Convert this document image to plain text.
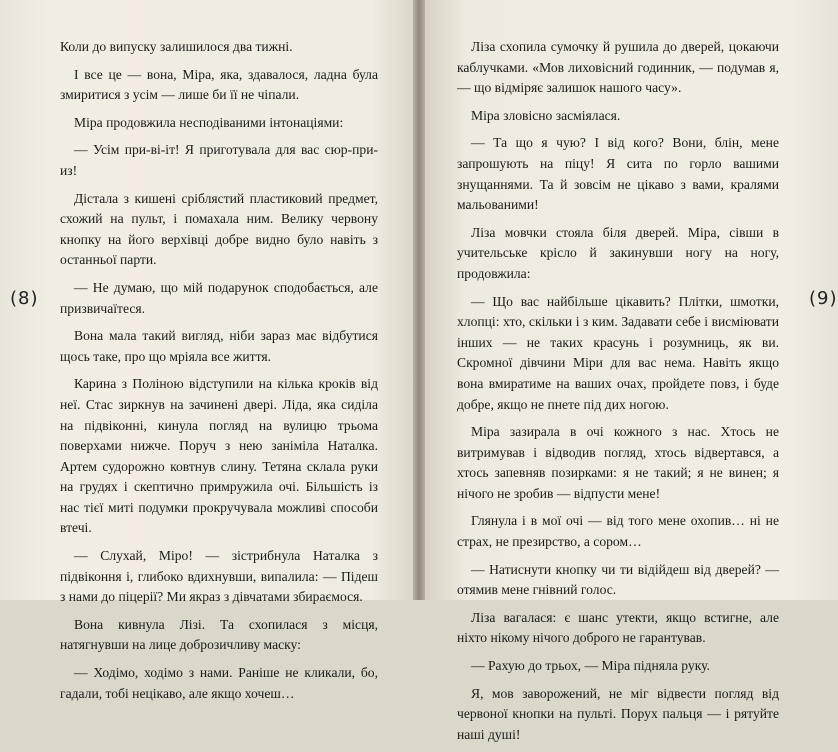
Коли до випуску залишилося два тижні.

І все це — вона, Міра, яка, здавалося, ладна була змиритися з усім — лише би її не чіпали.

Міра продовжила несподіваними інтонаціями:

— Усім при-ві-іт! Я приготувала для вас сюр-при-из!

Дістала з кишені сріблястий пластиковий предмет, схожий на пульт, і помахала ним. Велику червону кнопку на його верхівці добре видно було навіть з останньої парти.

— Не думаю, що мій подарунок сподобається, але призвичаїтеся.

Вона мала такий вигляд, ніби зараз має відбутися щось таке, про що мріяла все життя.

Карина з Поліною відступили на кілька кроків від неї. Стас зиркнув на зачинені двері. Ліда, яка сиділа на підвіконні, кинула погляд на вулицю трьома поверхами нижче. Поруч з нею заніміла Наталка. Артем судорожно ковтнув слину. Тетяна склала руки на грудях і скептично примружила очі. Більшість із нас тієї миті подумки прокручувала можливі способи втечі.

— Слухай, Міро! — зістрибнула Наталка з підвіконня і, глибоко вдихнувши, випалила: — Підеш з нами до піцерії? Ми якраз з дівчатами збираємося.

Вона кивнула Лізі. Та схопилася з місця, натягнувши на лице доброзичливу маску:

— Ходімо, ходімо з нами. Раніше не кликали, бо, гадали, тобі нецікаво, але якщо хочеш…

(8)

Ліза схопила сумочку й рушила до дверей, цокаючи каблучками. «Мов лиховісний годинник, — подумав я, — що відміряє залишок нашого часу».

Міра зловісно засміялася.

— Та що я чую? І від кого? Вони, блін, мене запрошують на піцу! Я сита по горло вашими знущаннями. Та й зовсім не цікаво з вами, кралями мальованими!

Ліза мовчки стояла біля дверей. Міра, сівши в учительське крісло й закинувши ногу на ногу, продовжила:

— Що вас найбільше цікавить? Плітки, шмотки, хлопці: хто, скільки і з ким. Задавати себе і висміювати інших — не таких красунь і розумниць, як ви. Скромної дівчини Міри для вас нема. Навіть якщо вона вмиратиме на ваших очах, пройдете повз, і буде добре, якщо не пнете під дих ногою.

Міра зазирала в очі кожного з нас. Хтось не витримував і відводив погляд, хтось відвертався, а хтось запевняв позирками: я не такий; я не винен; я нічого не зробив — відпусти мене!

Глянула і в мої очі — від того мене охопив… ні не страх, не презирство, а сором…

— Натиснути кнопку чи ти відійдеш від дверей? — отямив мене гнівний голос.

Ліза вагалася: є шанс утекти, якщо встигне, але ніхто нікому нічого доброго не гарантував.

— Рахую до трьох, — Міра підняла руку.

Я, мов заворожений, не міг відвести погляд від червоної кнопки на пульті. Порух пальця — і рятуйте наші душі!

(9)
